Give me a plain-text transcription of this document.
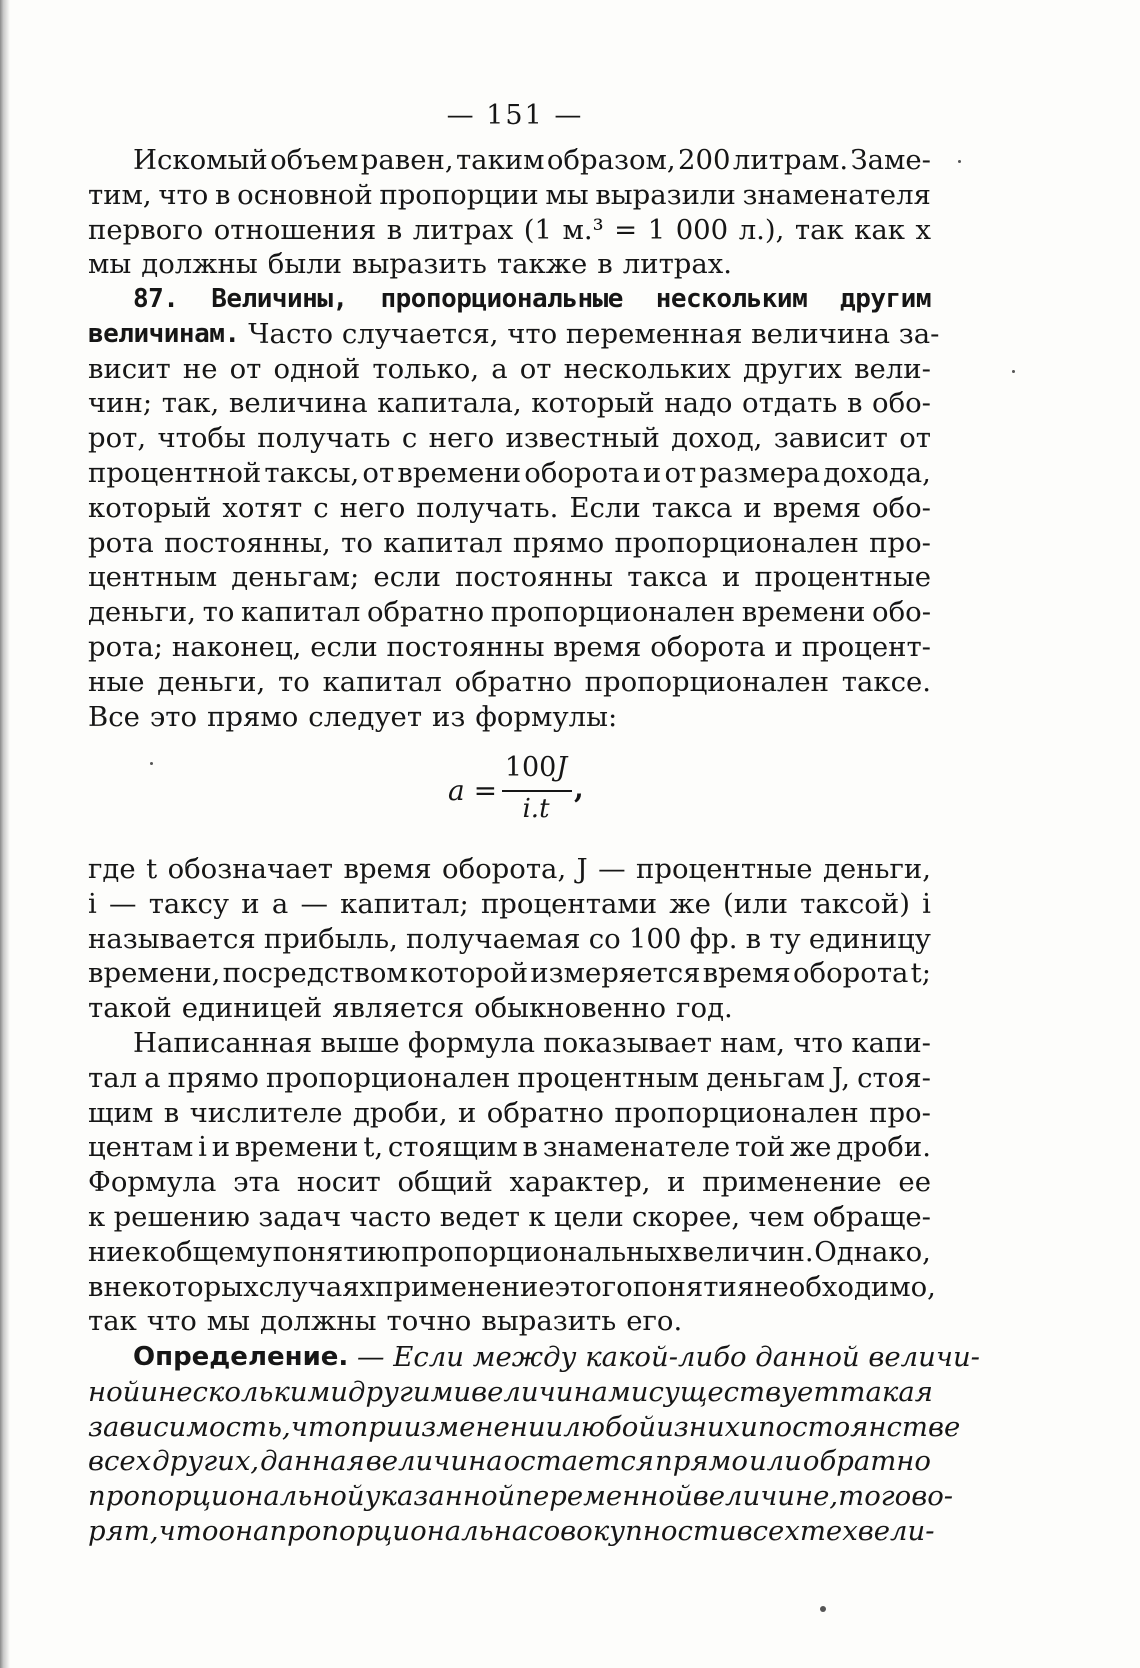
— 151 —
Искомый объем равен, таким образом, 200 литрам. Заме-
тим, что в основной пропорции мы выразили знаменателя
первого отношения в литрах (1 м.³ = 1 000 л.), так как x
мы должны были выразить также в литрах.
87. Величины, пропорциональные нескольким другим
величинам. Часто случается, что переменная величина за-
висит не от одной только, а от нескольких других вели-
чин; так, величина капитала, который надо отдать в обо-
рот, чтобы получать с него известный доход, зависит от
процентной таксы, от времени оборота и от размера дохода,
который хотят с него получать. Если такса и время обо-
рота постоянны, то капитал прямо пропорционален про-
центным деньгам; если постоянны такса и процентные
деньги, то капитал обратно пропорционален времени обо-
рота; наконец, если постоянны время оборота и процент-
ные деньги, то капитал обратно пропорционален таксе.
Все это прямо следует из формулы:
a =
100J
i.t
,
где t обозначает время оборота, J — процентные деньги,
i — таксу и a — капитал; процентами же (или таксой) i
называется прибыль, получаемая со 100 фр. в ту единицу
времени, посредством которой измеряется время оборота t;
такой единицей является обыкновенно год.
Написанная выше формула показывает нам, что капи-
тал a прямо пропорционален процентным деньгам J, стоя-
щим в числителе дроби, и обратно пропорционален про-
центам i и времени t, стоящим в знаменателе той же дроби.
Формула эта носит общий характер, и применение ее
к решению задач часто ведет к цели скорее, чем обраще-
ние к общему понятию пропорциональных величин. Однако,
в некоторых случаях применение этого понятия необходимо,
так что мы должны точно выразить его.
Определение. — Если между какой-либо данной величи-
ной и несколькими другими величинами существует такая
зависимость, что при изменении любой из них и постоянстве
всех других, данная величина остается прямо или обратно
пропорциональной указанной переменной величине, то гово-
рят, что она пропорциональна совокупности всех тех вели-
